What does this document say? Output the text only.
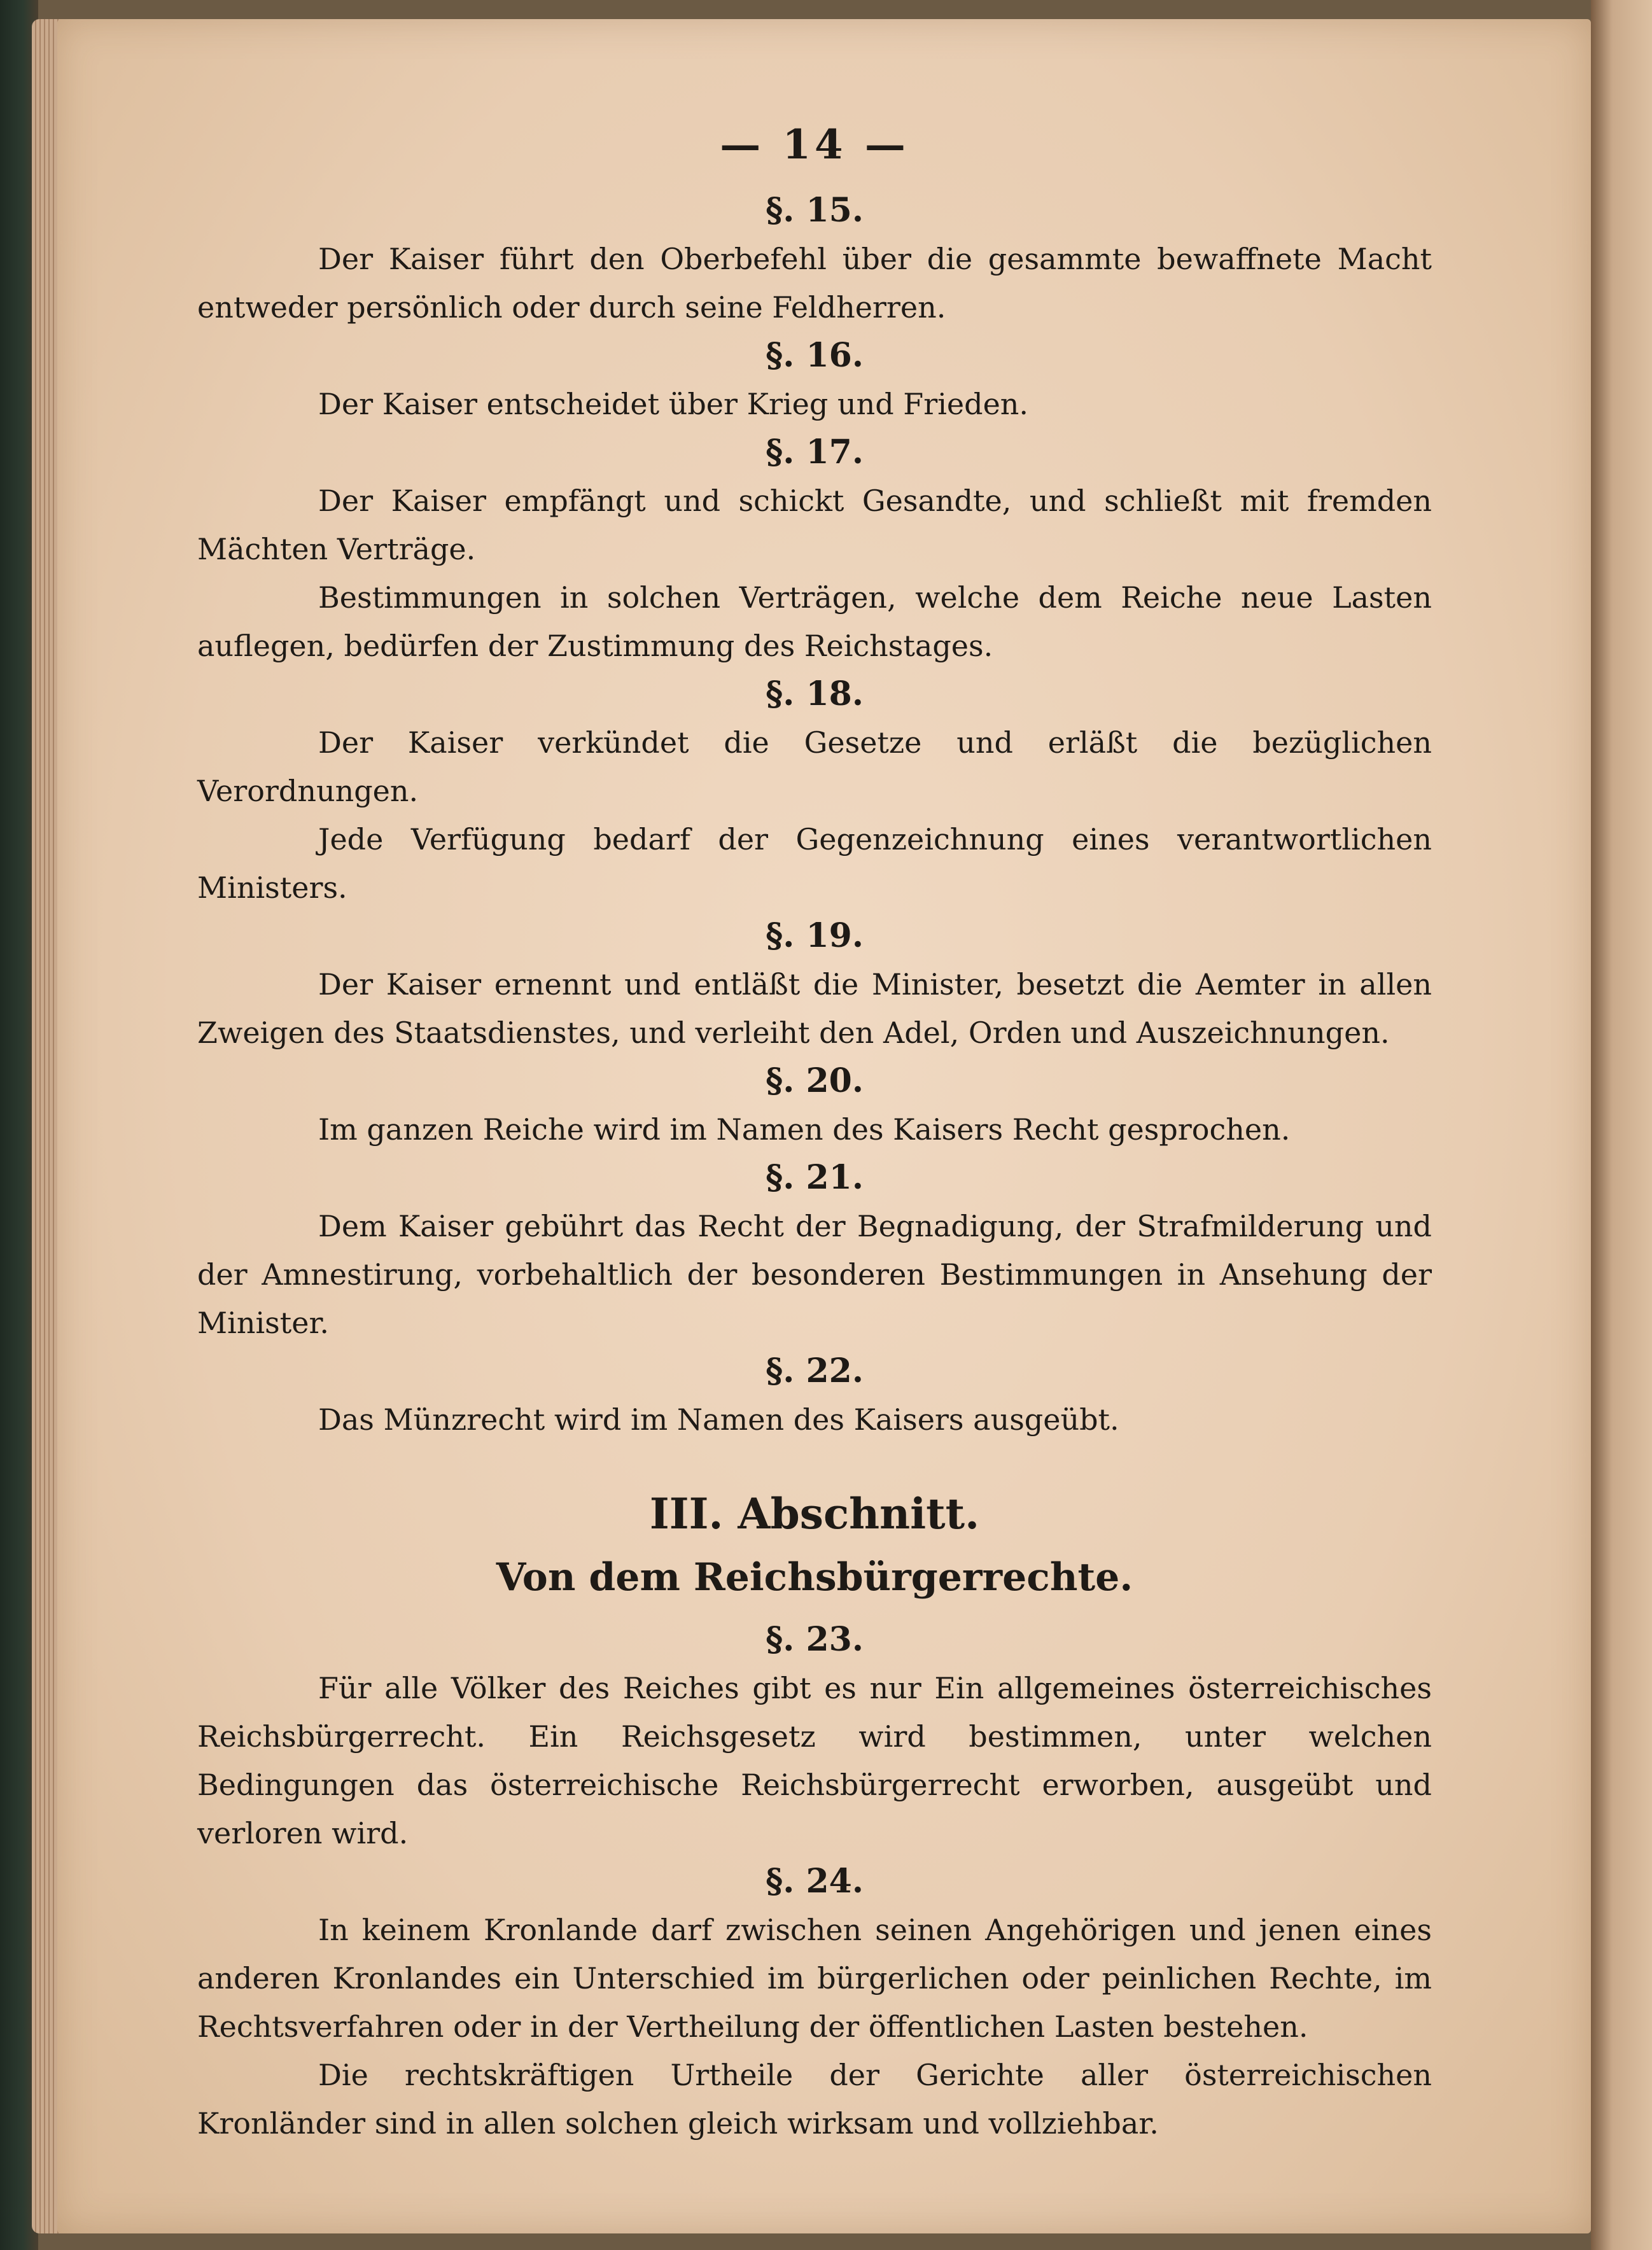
— 14 —
§. 15.

Der Kaiser führt den Oberbefehl über die gesammte bewaffnete Macht entweder persönlich oder durch seine Feldherren.

§. 16.

Der Kaiser entscheidet über Krieg und Frieden.

§. 17.

Der Kaiser empfängt und schickt Gesandte, und schließt mit fremden Mächten Verträge.

Bestimmungen in solchen Verträgen, welche dem Reiche neue Lasten auflegen, bedürfen der Zustimmung des Reichstages.

§. 18.

Der Kaiser verkündet die Gesetze und erläßt die bezüglichen Verordnungen.

Jede Verfügung bedarf der Gegenzeichnung eines verantwortlichen Ministers.

§. 19.

Der Kaiser ernennt und entläßt die Minister, besetzt die Aemter in allen Zweigen des Staatsdienstes, und verleiht den Adel, Orden und Auszeichnungen.

§. 20.

Im ganzen Reiche wird im Namen des Kaisers Recht gesprochen.

§. 21.

Dem Kaiser gebührt das Recht der Begnadigung, der Strafmilderung und der Amnestirung, vorbehaltlich der besonderen Bestimmungen in Ansehung der Minister.

§. 22.

Das Münzrecht wird im Namen des Kaisers ausgeübt.

III. Abschnitt.
Von dem Reichsbürgerrechte.
§. 23.

Für alle Völker des Reiches gibt es nur Ein allgemeines österreichisches Reichsbürgerrecht. Ein Reichsgesetz wird bestimmen, unter welchen Bedingungen das österreichische Reichsbürgerrecht erworben, ausgeübt und verloren wird.

§. 24.

In keinem Kronlande darf zwischen seinen Angehörigen und jenen eines anderen Kronlandes ein Unterschied im bürgerlichen oder peinlichen Rechte, im Rechtsverfahren oder in der Vertheilung der öffentlichen Lasten bestehen.

Die rechtskräftigen Urtheile der Gerichte aller österreichischen Kronländer sind in allen solchen gleich wirksam und vollziehbar.
